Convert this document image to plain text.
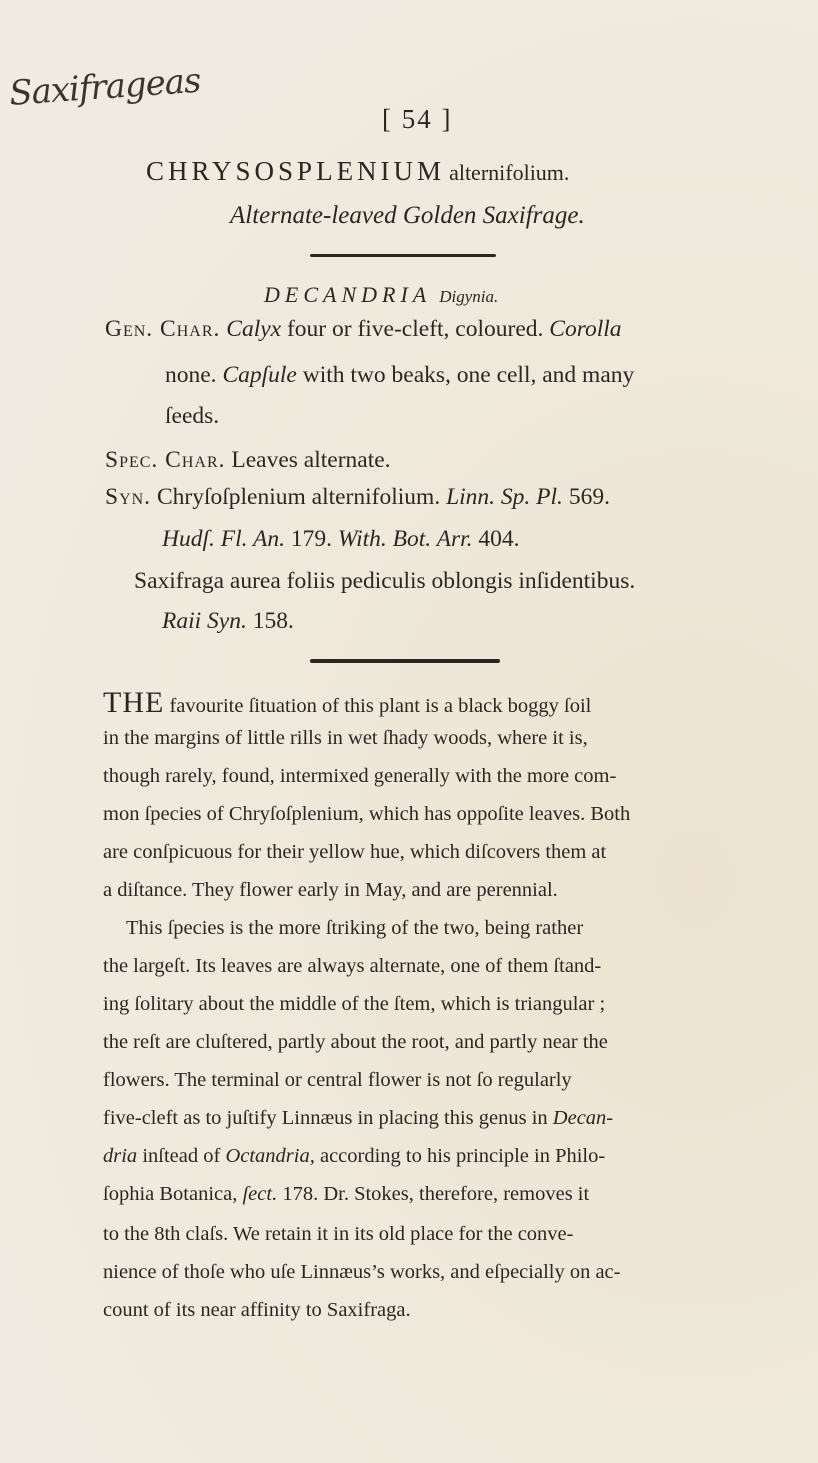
Saxifrageas
[ 54 ]
CHRYSOSPLENIUM alternifolium.
Alternate-leaved Golden Saxifrage.
DECANDRIA Digynia.
Gen. Char. Calyx four or five-cleft, coloured. Corolla
none. Capſule with two beaks, one cell, and many
ſeeds.
Spec. Char. Leaves alternate.
Syn. Chryſoſplenium alternifolium. Linn. Sp. Pl. 569.
Hudſ. Fl. An. 179. With. Bot. Arr. 404.
Saxifraga aurea foliis pediculis oblongis inſidentibus.
Raii Syn. 158.
THE favourite ſituation of this plant is a black boggy ſoil
in the margins of little rills in wet ſhady woods, where it is,
though rarely, found, intermixed generally with the more com-
mon ſpecies of Chryſoſplenium, which has oppoſite leaves. Both
are conſpicuous for their yellow hue, which diſcovers them at
a diſtance. They flower early in May, and are perennial.
This ſpecies is the more ſtriking of the two, being rather
the largeſt. Its leaves are always alternate, one of them ſtand-
ing ſolitary about the middle of the ſtem, which is triangular ;
the reſt are cluſtered, partly about the root, and partly near the
flowers. The terminal or central flower is not ſo regularly
five-cleft as to juſtify Linnæus in placing this genus in Decan-
dria inſtead of Octandria, according to his principle in Philo-
ſophia Botanica, ſect. 178. Dr. Stokes, therefore, removes it
to the 8th claſs. We retain it in its old place for the conve-
nience of thoſe who uſe Linnæus’s works, and eſpecially on ac-
count of its near affinity to Saxifraga.
